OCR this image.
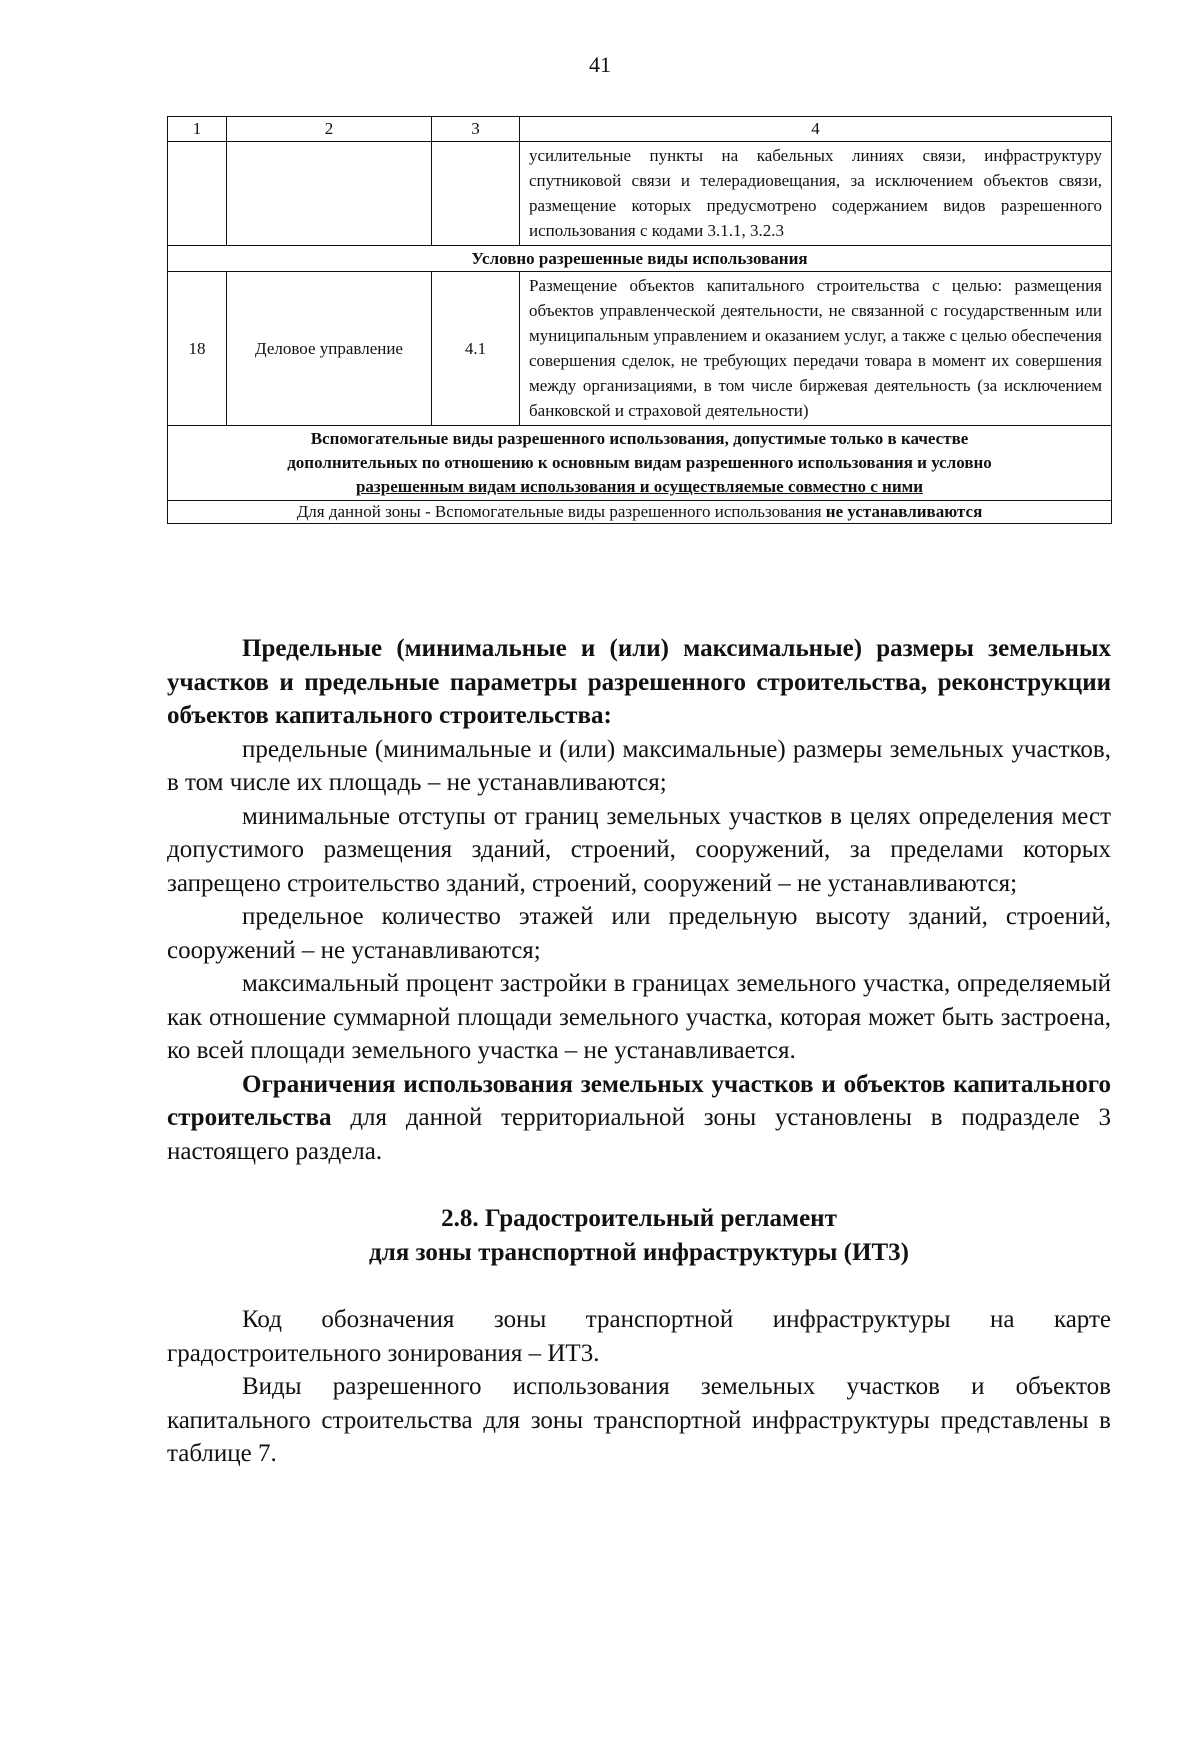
41
1	2	3	4
			усилительные пункты на кабельных линиях связи, инфраструктуру спутниковой связи и телерадиовещания, за исключением объектов связи, размещение которых предусмотрено содержанием видов разрешенного использования с кодами 3.1.1, 3.2.3
Условно разрешенные виды использования			
18	Деловое управление	4.1	Размещение объектов капитального строительства с целью: размещения объектов управленческой деятельности, не связанной с государственным или муниципальным управлением и оказанием услуг, а также с целью обеспечения совершения сделок, не требующих передачи товара в момент их совершения между организациями, в том числе биржевая деятельность (за исключением банковской и страховой деятельности)
Вспомогательные виды разрешенного использования, допустимые только в качестве
дополнительных по отношению к основным видам разрешенного использования и условно
разрешенным видам использования и осуществляемые совместно с ними			
Для данной зоны - Вспомогательные виды разрешенного использования не устанавливаются			

Предельные (минимальные и (или) максимальные) размеры земельных участков и предельные параметры разрешенного строительства, реконструкции объектов капитального строительства:

предельные (минимальные и (или) максимальные) размеры земельных участков, в том числе их площадь – не устанавливаются;

минимальные отступы от границ земельных участков в целях определения мест допустимого размещения зданий, строений, сооружений, за пределами которых запрещено строительство зданий, строений, сооружений – не устанавливаются;

предельное количество этажей или предельную высоту зданий, строений, сооружений – не устанавливаются;

максимальный процент застройки в границах земельного участка, определяемый как отношение суммарной площади земельного участка, которая может быть застроена, ко всей площади земельного участка – не устанавливается.

Ограничения использования земельных участков и объектов капитального строительства для данной территориальной зоны установлены в подразделе 3 настоящего раздела.

2.8. Градостроительный регламент
для зоны транспортной инфраструктуры (ИТ3)

Код обозначения зоны транспортной инфраструктуры на карте градостроительного зонирования – ИТ3.

Виды разрешенного использования земельных участков и объектов капитального строительства для зоны транспортной инфраструктуры представлены в таблице 7.
